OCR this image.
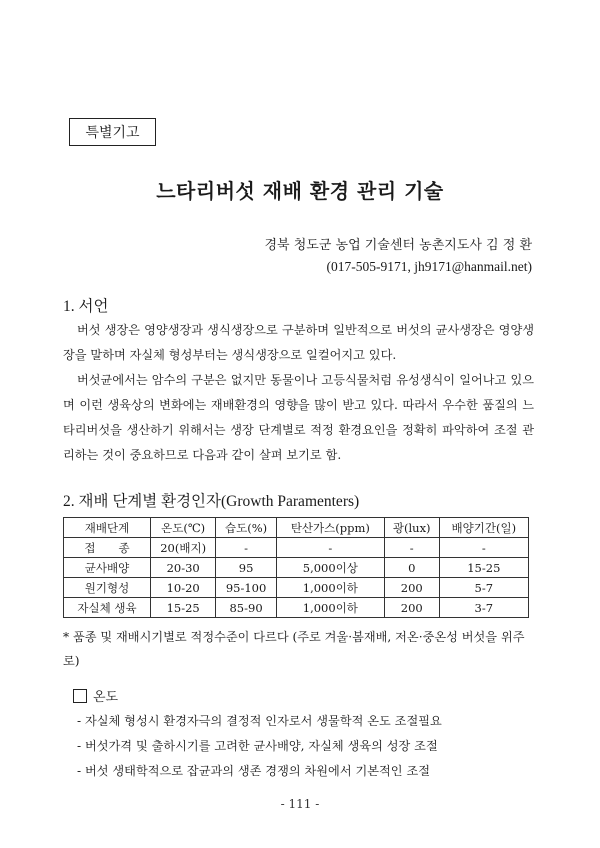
특별기고
느타리버섯 재배 환경 관리 기술
경북 청도군 농업 기술센터 농촌지도사 김 정 환
(017-505-9171, jh9171@hanmail.net)
1. 서언

버섯 생장은 영양생장과 생식생장으로 구분하며 일반적으로 버섯의 균사생장은 영양생장을 말하며 자실체 형성부터는 생식생장으로 일컬어지고 있다.

버섯균에서는 암수의 구분은 없지만 동물이나 고등식물처럼 유성생식이 일어나고 있으며 이런 생육상의 변화에는 재배환경의 영향을 많이 받고 있다. 따라서 우수한 품질의 느타리버섯을 생산하기 위해서는 생장 단계별로 적정 환경요인을 정확히 파악하여 조절 관리하는 것이 중요하므로 다음과 같이 살펴 보기로 함.

2. 재배 단계별 환경인자(Growth Paramenters)
재배단계	온도(℃)	습도(%)	탄산가스(ppm)	광(lux)	배양기간(일)
접　　종	20(배지)	-	-	-	-
균사배양	20-30	95	5,000이상	0	15-25
원기형성	10-20	95-100	1,000이하	200	5-7
자실체 생육	15-25	85-90	1,000이하	200	3-7
* 품종 및 재배시기별로 적정수준이 다르다 (주로 겨울·봄재배, 저온·중온성 버섯을 위주로)
온도
- 자실체 형성시 환경자극의 결정적 인자로서 생물학적 온도 조절필요
- 버섯가격 및 출하시기를 고려한 균사배양, 자실체 생육의 성장 조절
- 버섯 생태학적으로 잡균과의 생존 경쟁의 차원에서 기본적인 조절
- 111 -
